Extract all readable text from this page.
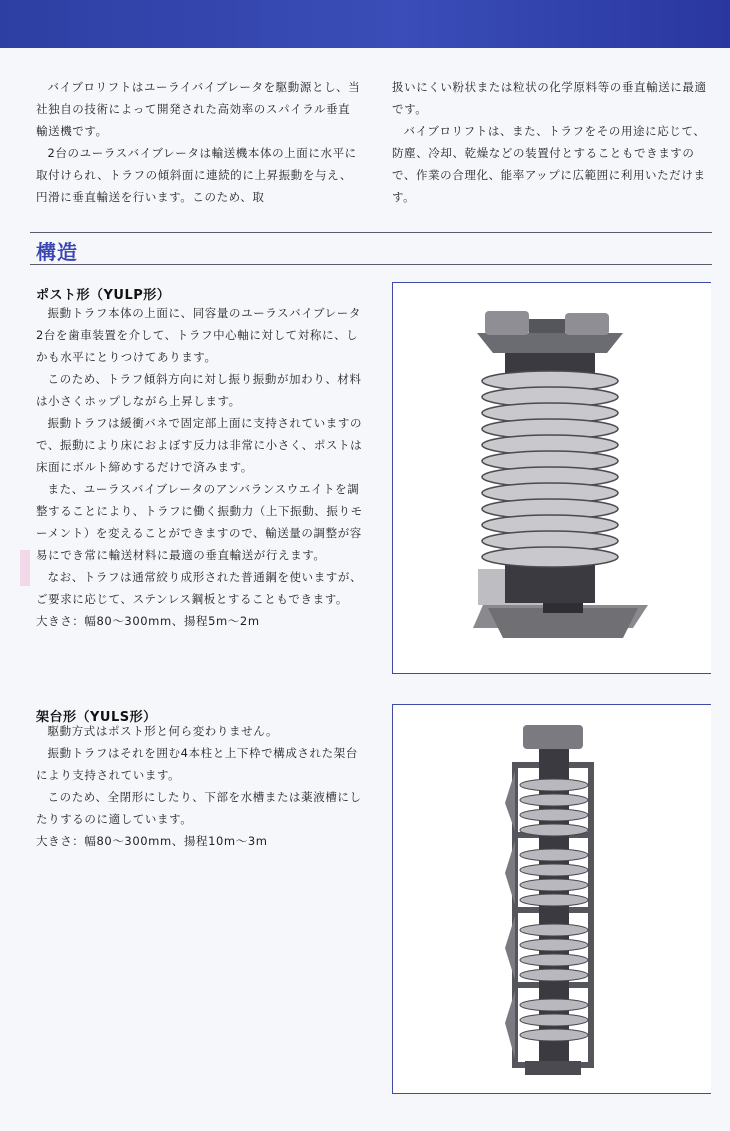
バイブロリフトはユーライバイブレータを駆動源とし、当社独自の技術によって開発された高効率のスパイラル垂直輸送機です。

2台のユーラスバイブレータは輸送機本体の上面に水平に取付けられ、トラフの傾斜面に連続的に上昇振動を与え、円滑に垂直輸送を行います。このため、取

扱いにくい粉状または粒状の化学原料等の垂直輸送に最適です。

バイブロリフトは、また、トラフをその用途に応じて、防塵、冷却、乾燥などの装置付とすることもできますので、作業の合理化、能率アップに広範囲に利用いただけます。

構造
ポスト形（YULP形）

振動トラフ本体の上面に、同容量のユーラスバイブレータ2台を歯車装置を介して、トラフ中心軸に対して対称に、しかも水平にとりつけてあります。

このため、トラフ傾斜方向に対し振り振動が加わり、材料は小さくホップしながら上昇します。

振動トラフは緩衝バネで固定部上面に支持されていますので、振動により床におよぼす反力は非常に小さく、ポストは床面にボルト締めするだけで済みます。

また、ユーラスバイブレータのアンバランスウエイトを調整することにより、トラフに働く振動力（上下振動、振りモーメント）を変えることができますので、輸送量の調整が容易にでき常に輸送材料に最適の垂直輸送が行えます。

なお、トラフは通常絞り成形された普通鋼を使いますが、ご要求に応じて、ステンレス鋼板とすることもできます。

大きさ：幅80〜300mm、揚程5m〜2m

架台形（YULS形）

駆動方式はポスト形と何ら変わりません。

振動トラフはそれを囲む4本柱と上下枠で構成された架台により支持されています。

このため、全閉形にしたり、下部を水槽または薬液槽にしたりするのに適しています。

大きさ：幅80〜300mm、揚程10m〜3m
